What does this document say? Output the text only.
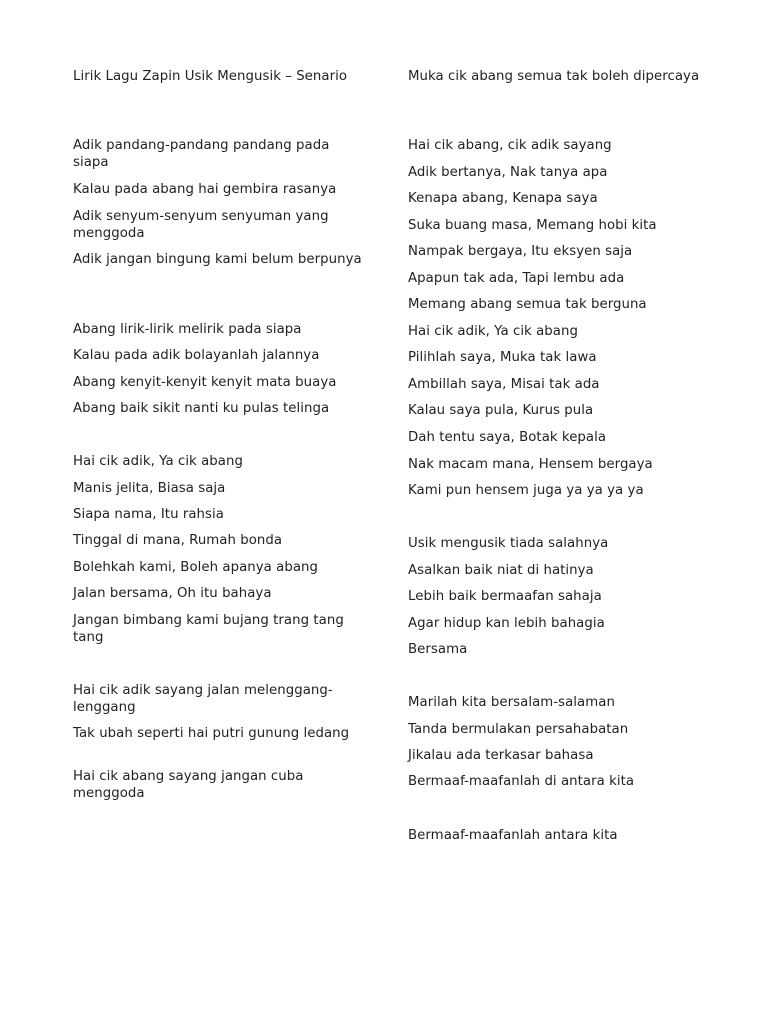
Lirik Lagu Zapin Usik Mengusik – Senario

Adik pandang-pandang pandang pada siapa

Kalau pada abang hai gembira rasanya

Adik senyum-senyum senyuman yang menggoda

Adik jangan bingung kami belum berpunya

Abang lirik-lirik melirik pada siapa

Kalau pada adik bolayanlah jalannya

Abang kenyit-kenyit kenyit mata buaya

Abang baik sikit nanti ku pulas telinga

Hai cik adik, Ya cik abang

Manis jelita, Biasa saja

Siapa nama, Itu rahsia

Tinggal di mana, Rumah bonda

Bolehkah kami, Boleh apanya abang

Jalan bersama, Oh itu bahaya

Jangan bimbang kami bujang trang tang tang

Hai cik adik sayang jalan melenggang-lenggang

Tak ubah seperti hai putri gunung ledang

Hai cik abang sayang jangan cuba menggoda

Muka cik abang semua tak boleh dipercaya

Hai cik abang, cik adik sayang

Adik bertanya, Nak tanya apa

Kenapa abang, Kenapa saya

Suka buang masa, Memang hobi kita

Nampak bergaya, Itu eksyen saja

Apapun tak ada, Tapi lembu ada

Memang abang semua tak berguna

Hai cik adik, Ya cik abang

Pilihlah saya, Muka tak lawa

Ambillah saya, Misai tak ada

Kalau saya pula, Kurus pula

Dah tentu saya, Botak kepala

Nak macam mana, Hensem bergaya

Kami pun hensem juga ya ya ya ya

Usik mengusik tiada salahnya

Asalkan baik niat di hatinya

Lebih baik bermaafan sahaja

Agar hidup kan lebih bahagia

Bersama

Marilah kita bersalam-salaman

Tanda bermulakan persahabatan

Jikalau ada terkasar bahasa

Bermaaf-maafanlah di antara kita

Bermaaf-maafanlah antara kita
